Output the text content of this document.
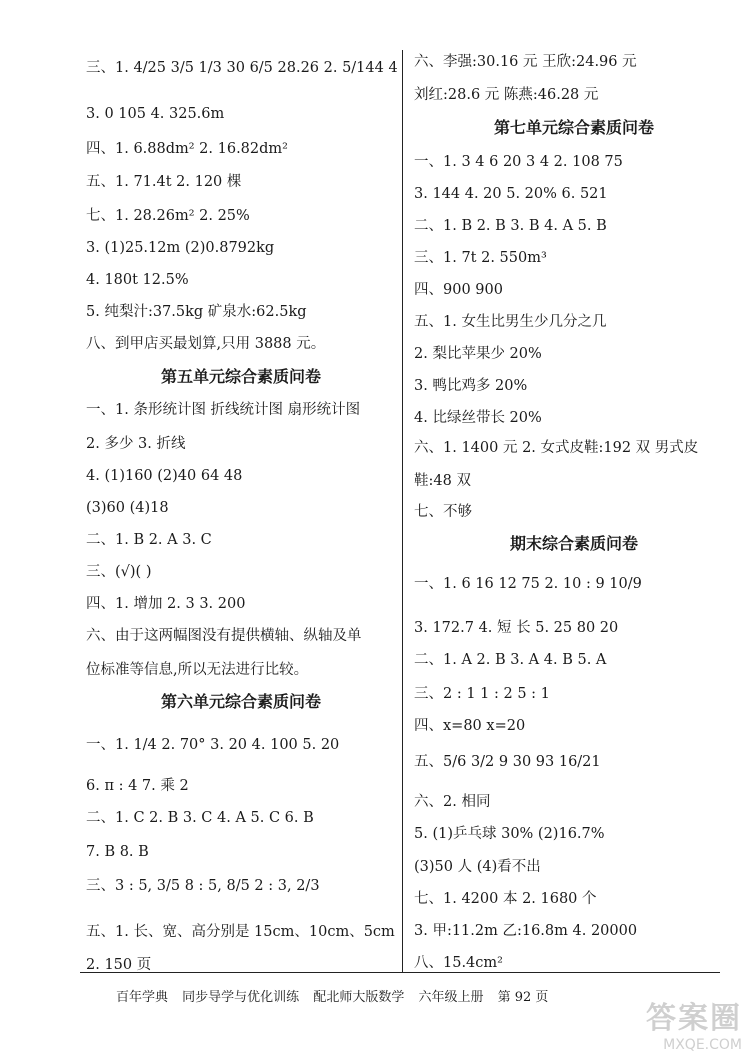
三、1. 4/25 3/5 1/3 30 6/5 28.26 2. 5/144 4
3. 0 105 4. 325.6m
四、1. 6.88dm² 2. 16.82dm²
五、1. 71.4t 2. 120 棵
七、1. 28.26m² 2. 25%
3. (1)25.12m (2)0.8792kg
4. 180t 12.5%
5. 纯梨汁:37.5kg 矿泉水:62.5kg
八、到甲店买最划算,只用 3888 元。
第五单元综合素质问卷
一、1. 条形统计图 折线统计图 扇形统计图
2. 多少 3. 折线
4. (1)160 (2)40 64 48
(3)60 (4)18
二、1. B 2. A 3. C
三、(√)( )
四、1. 增加 2. 3 3. 200
六、由于这两幅图没有提供横轴、纵轴及单
位标准等信息,所以无法进行比较。
第六单元综合素质问卷
一、1. 1/4 2. 70° 3. 20 4. 100 5. 20
6. π : 4 7. 乘 2
二、1. C 2. B 3. C 4. A 5. C 6. B
7. B 8. B
三、3 : 5, 3/5 8 : 5, 8/5 2 : 3, 2/3
五、1. 长、宽、高分别是 15cm、10cm、5cm
2. 150 页
六、李强:30.16 元 王欣:24.96 元
刘红:28.6 元 陈燕:46.28 元
第七单元综合素质问卷
一、1. 3 4 6 20 3 4 2. 108 75
3. 144 4. 20 5. 20% 6. 521
二、1. B 2. B 3. B 4. A 5. B
三、1. 7t 2. 550m³
四、900 900
五、1. 女生比男生少几分之几
2. 梨比苹果少 20%
3. 鸭比鸡多 20%
4. 比绿丝带长 20%
六、1. 1400 元 2. 女式皮鞋:192 双 男式皮
鞋:48 双
七、不够
期末综合素质问卷
一、1. 6 16 12 75 2. 10 : 9 10/9
3. 172.7 4. 短 长 5. 25 80 20
二、1. A 2. B 3. A 4. B 5. A
三、2 : 1 1 : 2 5 : 1
四、x=80 x=20
五、5/6 3/2 9 30 93 16/21
六、2. 相同
5. (1)乒乓球 30% (2)16.7%
(3)50 人 (4)看不出
七、1. 4200 本 2. 1680 个
3. 甲:11.2m 乙:16.8m 4. 20000
八、15.4cm²
百年学典 同步导学与优化训练 配北师大版数学 六年级上册 第 92 页
答案圈
MXQE.COM
